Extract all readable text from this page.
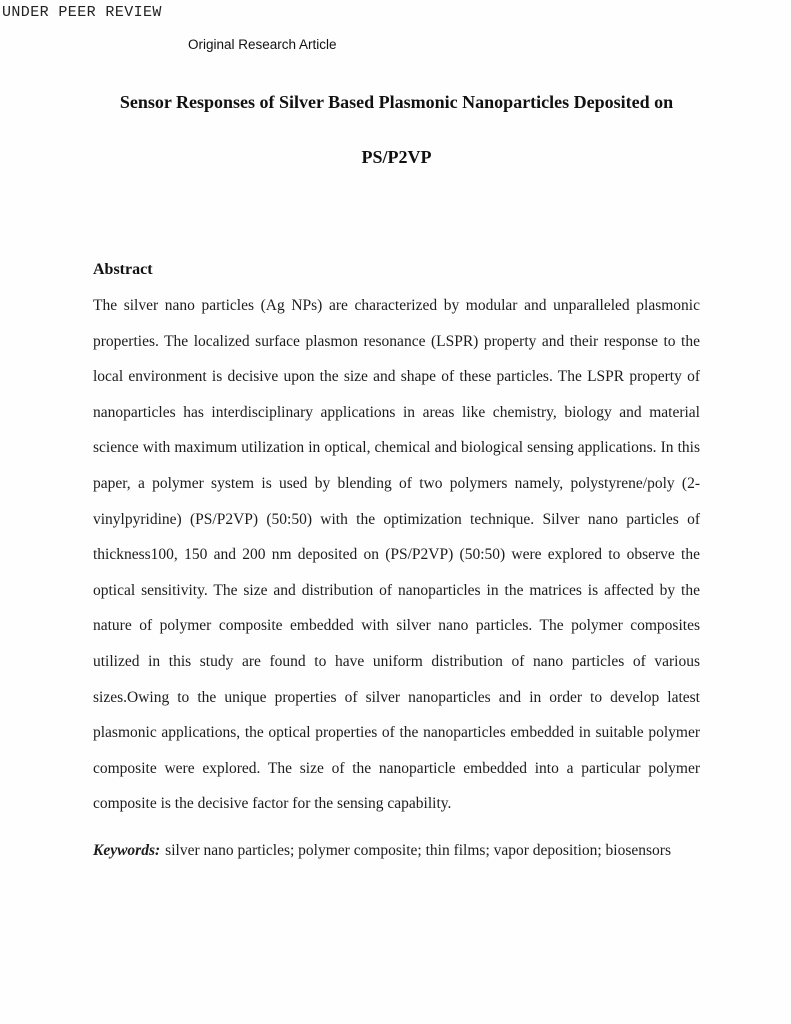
UNDER PEER REVIEW
Original Research Article
Sensor Responses of Silver Based Plasmonic Nanoparticles Deposited on
PS/P2VP
Abstract
The silver nano particles (Ag NPs) are characterized by modular and unparalleled plasmonic
properties. The localized surface plasmon resonance (LSPR) property and their response to the
local environment is decisive upon the size and shape of these particles. The LSPR property of
nanoparticles has interdisciplinary applications in areas like chemistry, biology and material
science with maximum utilization in optical, chemical and biological sensing applications. In this
paper, a polymer system is used by blending of two polymers namely, polystyrene/poly (2-
vinylpyridine) (PS/P2VP) (50:50) with the optimization technique. Silver nano particles of
thickness100, 150 and 200 nm deposited on (PS/P2VP) (50:50) were explored to observe the
optical sensitivity. The size and distribution of nanoparticles in the matrices is affected by the
nature of polymer composite embedded with silver nano particles. The polymer composites
utilized in this study are found to have uniform distribution of nano particles of various
sizes.Owing to the unique properties of silver nanoparticles and in order to develop latest
plasmonic applications, the optical properties of the nanoparticles embedded in suitable polymer
composite were explored. The size of the nanoparticle embedded into a particular polymer
composite is the decisive factor for the sensing capability.
Keywords: silver nano particles; polymer composite; thin films; vapor deposition; biosensors
